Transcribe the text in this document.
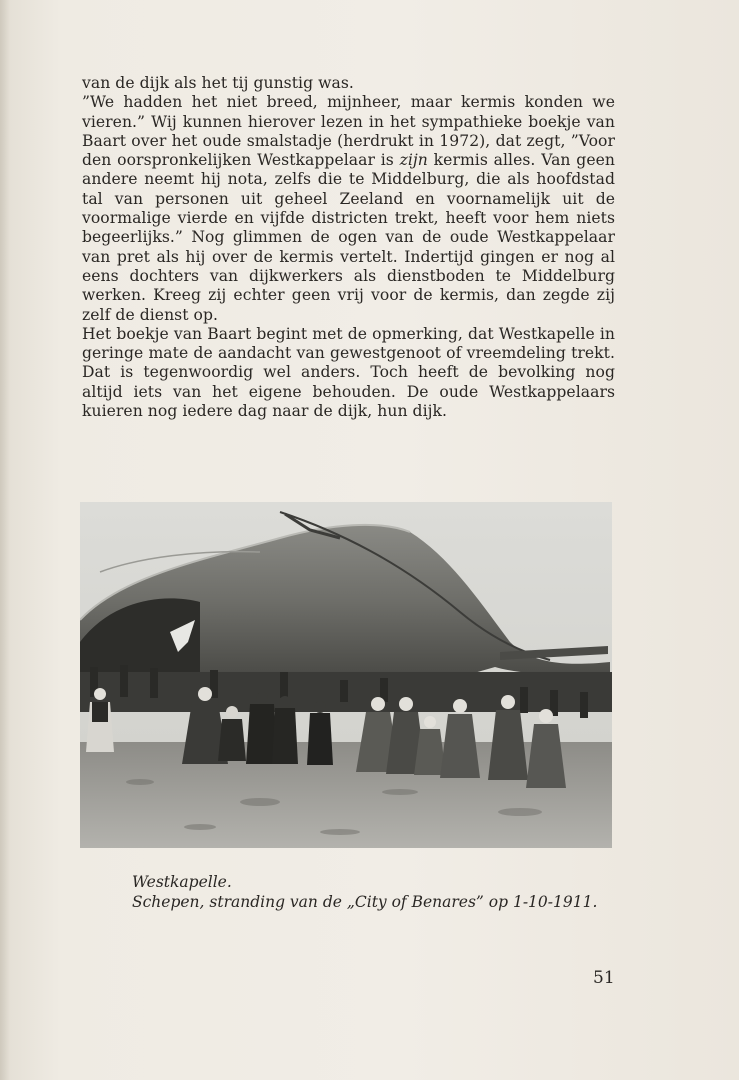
van de dijk als het tij gunstig was.

”We hadden het niet breed, mijnheer, maar kermis konden we vieren.” Wij kunnen hierover lezen in het sympathieke boekje van Baart over het oude smalstadje (herdrukt in 1972), dat zegt, ”Voor den oorspronkelijken Westkappelaar is zijn kermis alles. Van geen andere neemt hij nota, zelfs die te Middelburg, die als hoofdstad tal van personen uit geheel Zeeland en voornamelijk uit de voormalige vierde en vijfde districten trekt, heeft voor hem niets begeerlijks.” Nog glimmen de ogen van de oude Westkappelaar van pret als hij over de kermis vertelt. Indertijd gingen er nog al eens dochters van dijkwerkers als dienstboden te Middelburg werken. Kreeg zij echter geen vrij voor de kermis, dan zegde zij zelf de dienst op.

Het boekje van Baart begint met de opmerking, dat Westkapelle in geringe mate de aandacht van gewestgenoot of vreemdeling trekt. Dat is tegenwoordig wel anders. Toch heeft de bevolking nog altijd iets van het eigene behouden. De oude Westkappelaars kuieren nog iedere dag naar de dijk, hun dijk.

Westkapelle.
Schepen, stranding van de „City of Benares” op 1-10-1911.
51
